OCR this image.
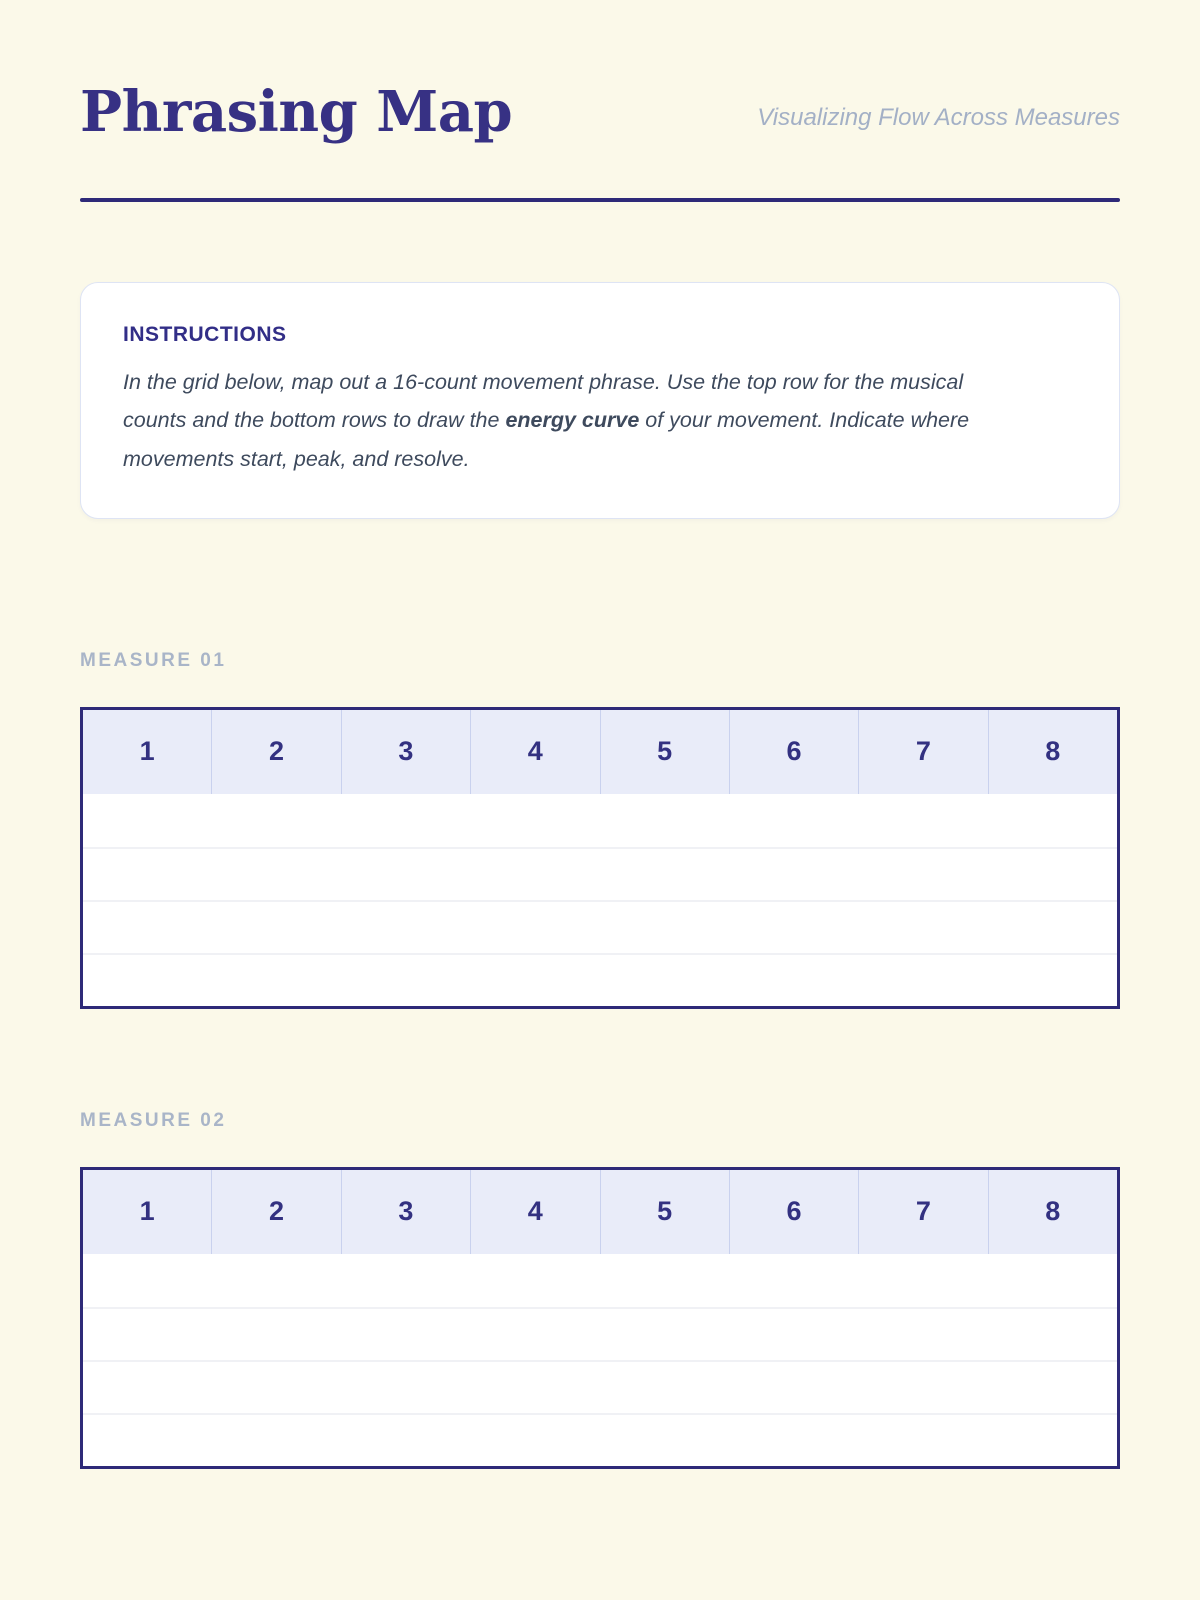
Phrasing Map	Visualizing Flow Across Measures
INSTRUCTIONS

In the grid below, map out a 16-count movement phrase. Use the top row for the musical counts and the bottom rows to draw the energy curve of your movement. Indicate where movements start, peak, and resolve.

MEASURE 01
1	2	3	4	5	6	7	8
MEASURE 02
1	2	3	4	5	6	7	8
